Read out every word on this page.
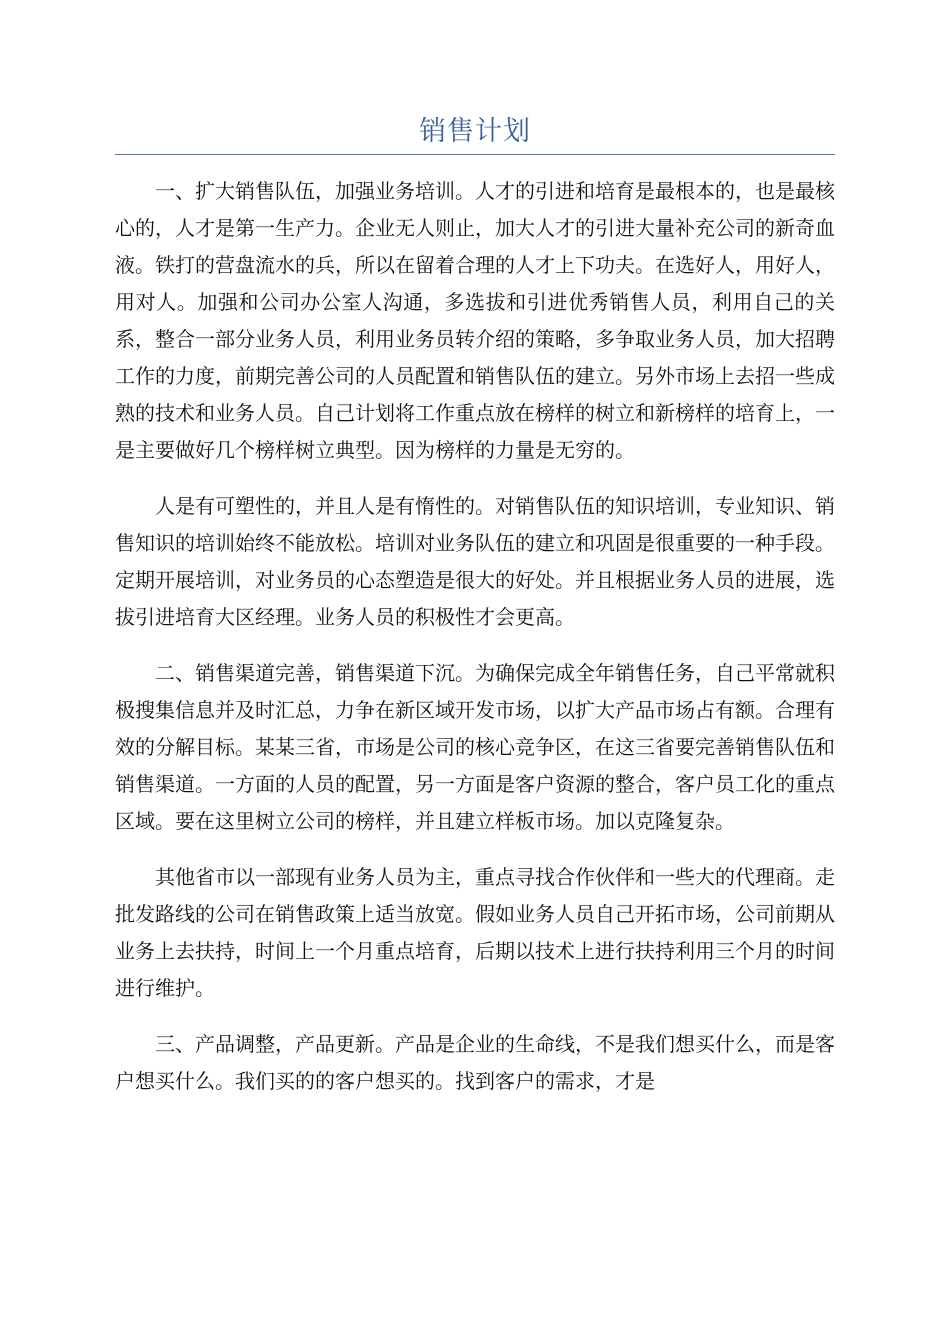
销售计划

一、扩大销售队伍，加强业务培训。人才的引进和培育是最根本的，也是最核心的，人才是第一生产力。企业无人则止，加大人才的引进大量补充公司的新奇血液。铁打的营盘流水的兵，所以在留着合理的人才上下功夫。在选好人，用好人，用对人。加强和公司办公室人沟通，多选拔和引进优秀销售人员，利用自己的关系，整合一部分业务人员，利用业务员转介绍的策略，多争取业务人员，加大招聘工作的力度，前期完善公司的人员配置和销售队伍的建立。另外市场上去招一些成熟的技术和业务人员。自己计划将工作重点放在榜样的树立和新榜样的培育上，一是主要做好几个榜样树立典型。因为榜样的力量是无穷的。

人是有可塑性的，并且人是有惰性的。对销售队伍的知识培训，专业知识、销售知识的培训始终不能放松。培训对业务队伍的建立和巩固是很重要的一种手段。定期开展培训，对业务员的心态塑造是很大的好处。并且根据业务人员的进展，选拔引进培育大区经理。业务人员的积极性才会更高。

二、销售渠道完善，销售渠道下沉。为确保完成全年销售任务，自己平常就积极搜集信息并及时汇总，力争在新区域开发市场，以扩大产品市场占有额。合理有效的分解目标。某某三省，市场是公司的核心竞争区，在这三省要完善销售队伍和销售渠道。一方面的人员的配置，另一方面是客户资源的整合，客户员工化的重点区域。要在这里树立公司的榜样，并且建立样板市场。加以克隆复杂。

其他省市以一部现有业务人员为主，重点寻找合作伙伴和一些大的代理商。走批发路线的公司在销售政策上适当放宽。假如业务人员自己开拓市场，公司前期从业务上去扶持，时间上一个月重点培育，后期以技术上进行扶持利用三个月的时间进行维护。

三、产品调整，产品更新。产品是企业的生命线，不是我们想买什么，而是客户想买什么。我们买的的客户想买的。找到客户的需求，才是
